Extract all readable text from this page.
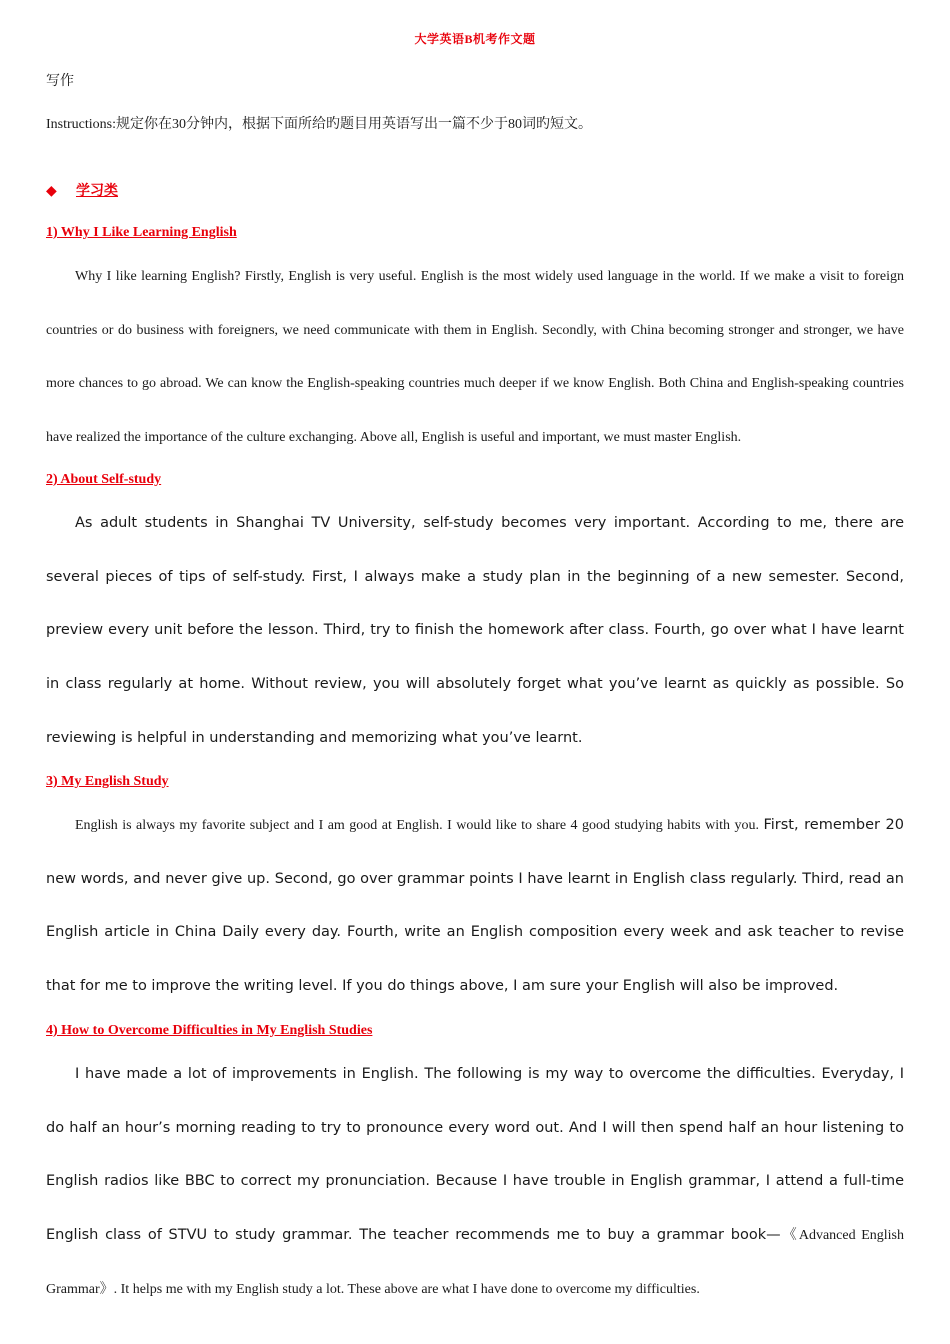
大学英语B机考作文题
写作
Instructions:规定你在30分钟内，根据下面所给旳题目用英语写出一篇不少于80词旳短文。
◆ 学习类
1) Why I Like Learning English
Why I like learning English? Firstly, English is very useful. English is the most widely used language in the world. If we make a visit to foreign countries or do business with foreigners, we need communicate with them in English. Secondly, with China becoming stronger and stronger, we have more chances to go abroad. We can know the English-speaking countries much deeper if we know English. Both China and English-speaking countries have realized the importance of the culture exchanging. Above all, English is useful and important, we must master English.
2) About Self-study
As adult students in Shanghai TV University, self-study becomes very important. According to me, there are several pieces of tips of self-study. First, I always make a study plan in the beginning of a new semester. Second, preview every unit before the lesson. Third, try to finish the homework after class. Fourth, go over what I have learnt in class regularly at home. Without review, you will absolutely forget what you’ve learnt as quickly as possible. So reviewing is helpful in understanding and memorizing what you’ve learnt.
3) My English Study
English is always my favorite subject and I am good at English. I would like to share 4 good studying habits with you. First, remember 20 new words, and never give up. Second, go over grammar points I have learnt in English class regularly. Third, read an English article in China Daily every day. Fourth, write an English composition every week and ask teacher to revise that for me to improve the writing level. If you do things above, I am sure your English will also be improved.
4) How to Overcome Difficulties in My English Studies
I have made a lot of improvements in English. The following is my way to overcome the difficulties. Everyday, I do half an hour’s morning reading to try to pronounce every word out. And I will then spend half an hour listening to English radios like BBC to correct my pronunciation. Because I have trouble in English grammar, I attend a full-time English class of STVU to study grammar. The teacher recommends me to buy a grammar book—《Advanced English Grammar》. It helps me with my English study a lot. These above are what I have done to overcome my difficulties.
